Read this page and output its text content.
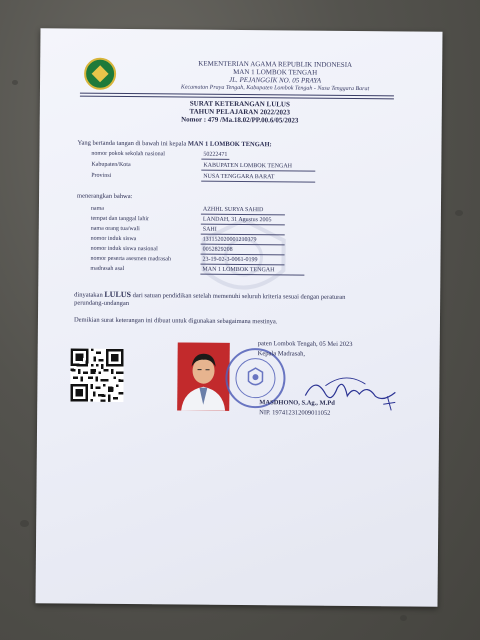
KEMENTERIAN AGAMA REPUBLIK INDONESIA
MAN 1 LOMBOK TENGAH
JL. PEJANGGIK NO. 05 PRAYA
Kecamatan Praya Tengah, Kabupaten Lombok Tengah - Nusa Tenggara Barat
SURAT KETERANGAN LULUS
TAHUN PELAJARAN 2022/2023
Nomor : 479 /Ma.18.02/PP.00.6/05/2023
Yang bertanda tangan di bawah ini kepala MAN 1 LOMBOK TENGAH:
nomor pokok sekolah nasional	50222471
Kabupaten/Kota	KABUPATEN LOMBOK TENGAH
Provinsi	NUSA TENGGARA BARAT
menerangkan bahwa:
nama	AZHHL SURYA SAHID
tempat dan tanggal lahir	LANDAH, 31 Agustus 2005
nama orang tua/wali	SAHI
nomor induk siswa	131152020001210379
nomor induk siswa nasional	0052829208
nomor peserta asesmen madrasah	23-19-02-3-0061-0199
madrasah asal	MAN 1 LOMBOK TENGAH
dinyatakan LULUS dari satuan pendidikan setelah memenuhi seluruh kriteria sesuai dengan peraturan
perundang-undangan
Demikian surat keterangan ini dibuat untuk digunakan sebagaimana mestinya.
paten Lombok Tengah, 05 Mei 2023
Kepala Madrasah,
MASDHONO, S.Ag., M.Pd
NIP. 197412312009011052
